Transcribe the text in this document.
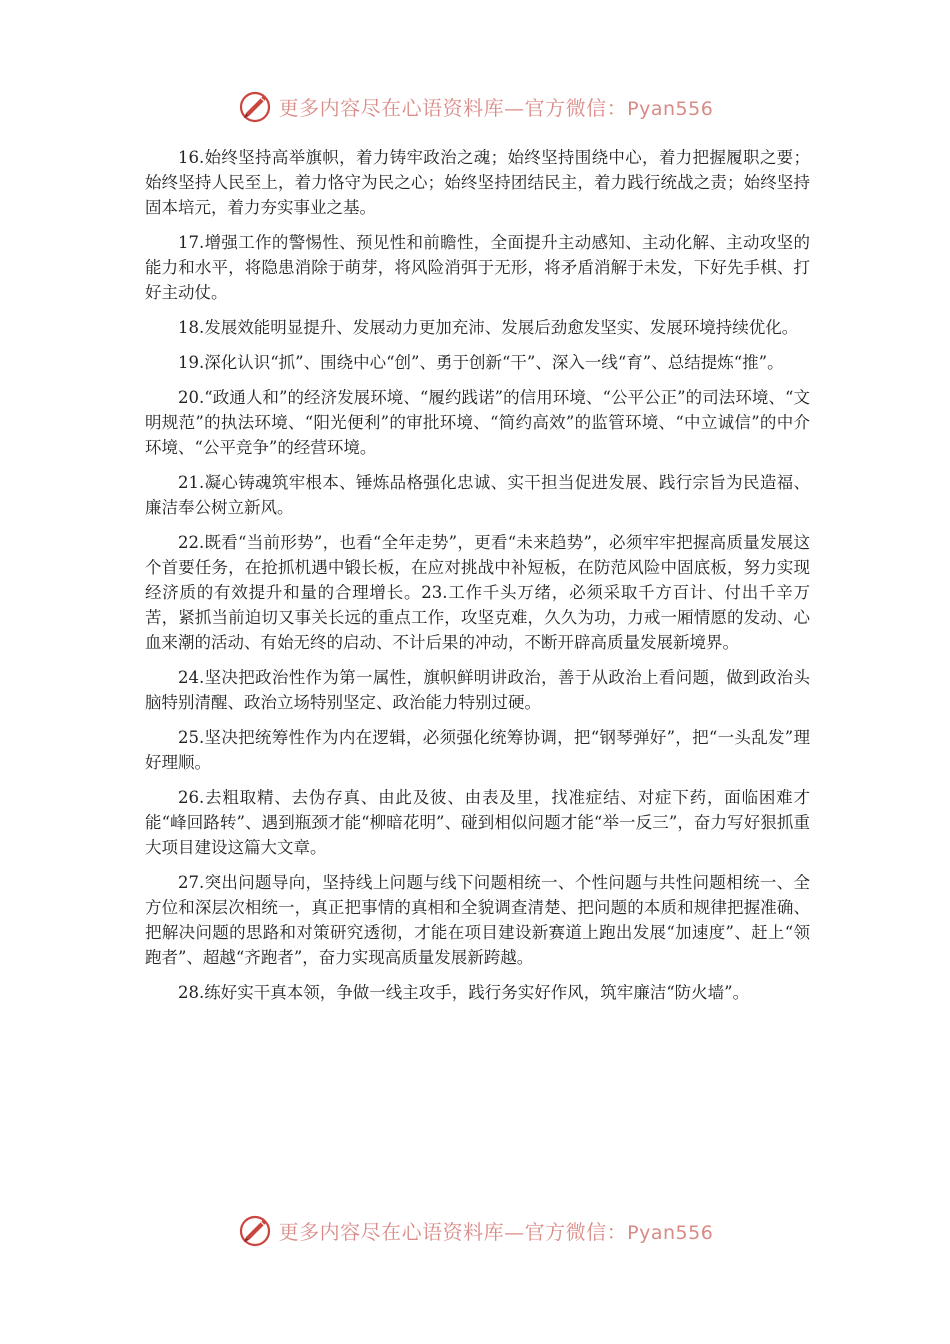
更多内容尽在心语资料库—官方微信：Pyan556

16.始终坚持高举旗帜，着力铸牢政治之魂；始终坚持围绕中心，着力把握履职之要；始终坚持人民至上，着力恪守为民之心；始终坚持团结民主，着力践行统战之责；始终坚持固本培元，着力夯实事业之基。

17.增强工作的警惕性、预见性和前瞻性，全面提升主动感知、主动化解、主动攻坚的能力和水平，将隐患消除于萌芽，将风险消弭于无形，将矛盾消解于未发，下好先手棋、打好主动仗。

18.发展效能明显提升、发展动力更加充沛、发展后劲愈发坚实、发展环境持续优化。

19.深化认识“抓”、围绕中心“创”、勇于创新“干”、深入一线“育”、总结提炼“推”。

20.“政通人和”的经济发展环境、“履约践诺”的信用环境、“公平公正”的司法环境、“文明规范”的执法环境、“阳光便利”的审批环境、“简约高效”的监管环境、“中立诚信”的中介环境、“公平竞争”的经营环境。

21.凝心铸魂筑牢根本、锤炼品格强化忠诚、实干担当促进发展、践行宗旨为民造福、廉洁奉公树立新风。

22.既看“当前形势”，也看“全年走势”，更看“未来趋势”，必须牢牢把握高质量发展这个首要任务，在抢抓机遇中锻长板，在应对挑战中补短板，在防范风险中固底板，努力实现经济质的有效提升和量的合理增长。23.工作千头万绪，必须采取千方百计、付出千辛万苦，紧抓当前迫切又事关长远的重点工作，攻坚克难，久久为功，力戒一厢情愿的发动、心血来潮的活动、有始无终的启动、不计后果的冲动，不断开辟高质量发展新境界。

24.坚决把政治性作为第一属性，旗帜鲜明讲政治，善于从政治上看问题，做到政治头脑特别清醒、政治立场特别坚定、政治能力特别过硬。

25.坚决把统筹性作为内在逻辑，必须强化统筹协调，把“钢琴弹好”，把“一头乱发”理好理顺。

26.去粗取精、去伪存真、由此及彼、由表及里，找准症结、对症下药，面临困难才能“峰回路转”、遇到瓶颈才能“柳暗花明”、碰到相似问题才能“举一反三”，奋力写好狠抓重大项目建设这篇大文章。

27.突出问题导向，坚持线上问题与线下问题相统一、个性问题与共性问题相统一、全方位和深层次相统一，真正把事情的真相和全貌调查清楚、把问题的本质和规律把握准确、把解决问题的思路和对策研究透彻，才能在项目建设新赛道上跑出发展“加速度”、赶上“领跑者”、超越“齐跑者”，奋力实现高质量发展新跨越。

28.练好实干真本领，争做一线主攻手，践行务实好作风，筑牢廉洁“防火墙”。

更多内容尽在心语资料库—官方微信：Pyan556
